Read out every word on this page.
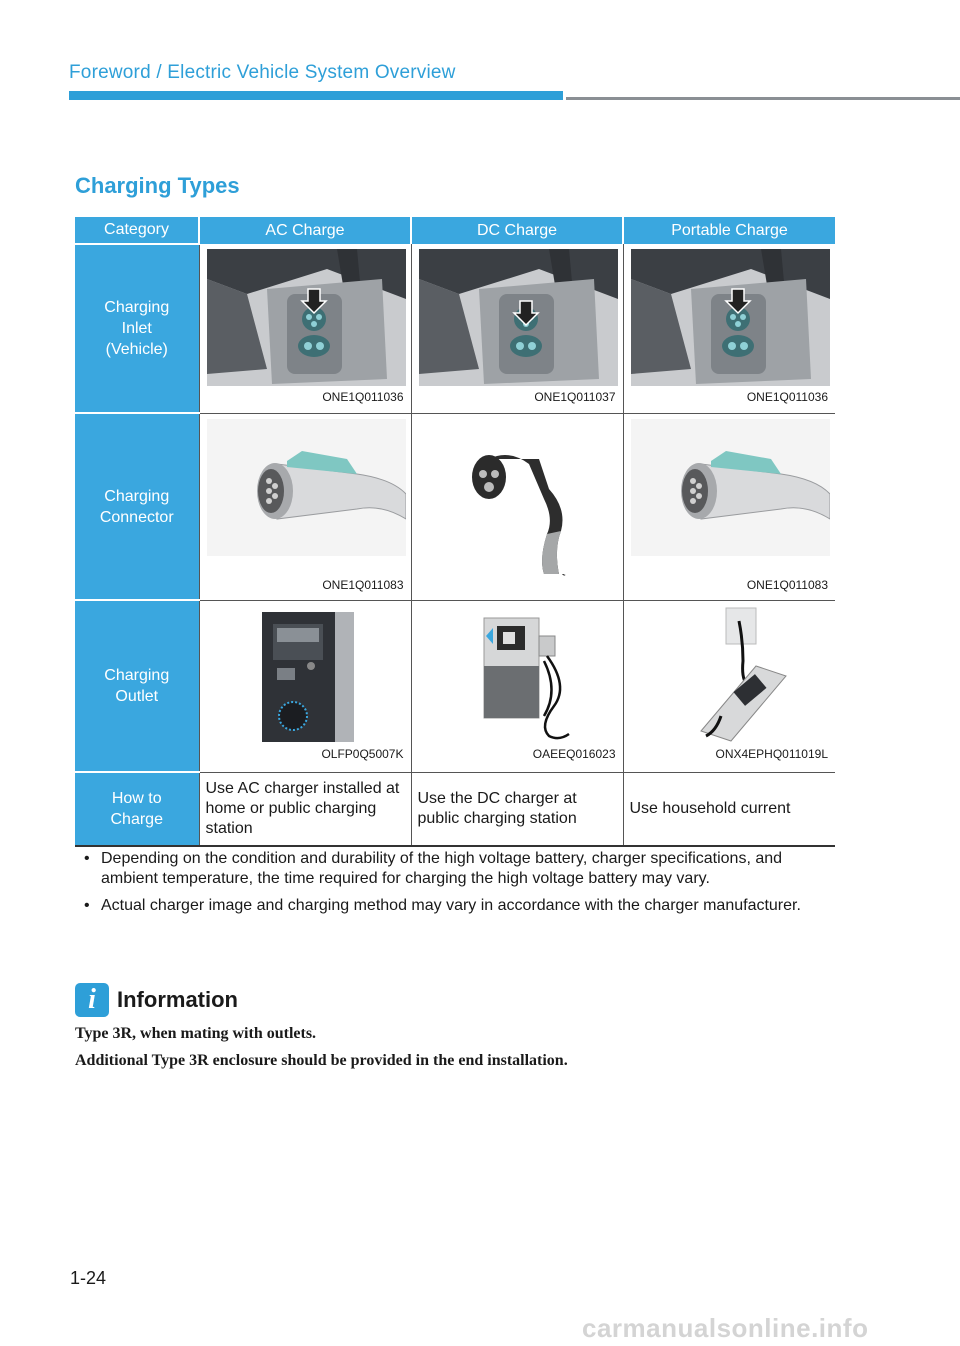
Foreword / Electric Vehicle System Overview
Charging Types
Category	AC Charge	DC Charge	Portable Charge

Charging Inlet (Vehicle)	ONE1Q011036	ONE1Q011037	ONE1Q011036

Charging Connector	ONE1Q011083		ONE1Q011083

Charging Outlet	OLFP0Q5007K	OAEEQ016023	ONX4EPHQ011019L

How to Charge	Use AC charger installed at home or public charging station	Use the DC charger at public charging station	Use household current
• Depending on the condition and durability of the high voltage battery, charger specifications, and ambient temperature, the time required for charging the high voltage battery may vary.
• Actual charger image and charging method may vary in accordance with the charger manufacturer.
i Information
Type 3R, when mating with outlets.
Additional Type 3R enclosure should be provided in the end installation.
1-24
carmanualsonline.info
